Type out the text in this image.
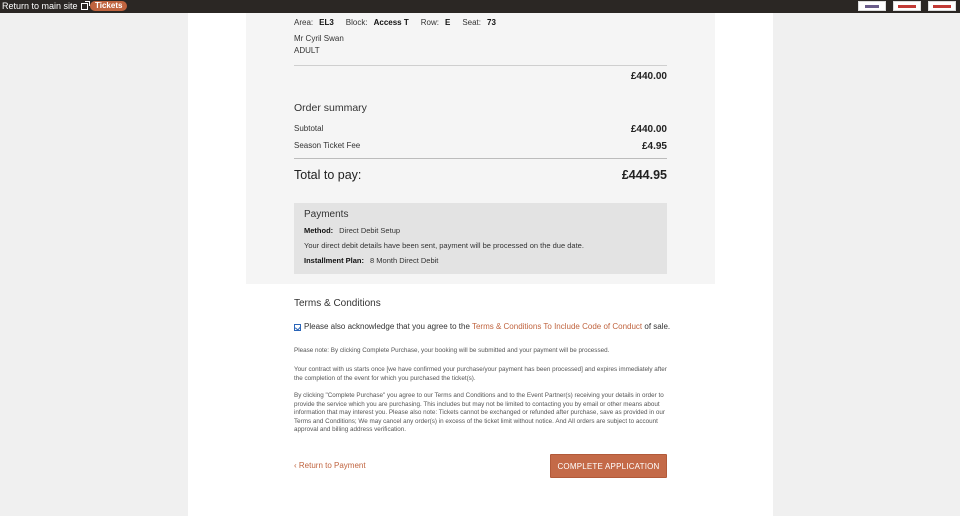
Return to main site	Tickets
Area: EL3 Block: Access T Row: E Seat: 73
Mr Cyril Swan
ADULT
£440.00
Order summary
Subtotal	£440.00
Season Ticket Fee	£4.95
Total to pay:	£444.95
Payments
Method: Direct Debit Setup
Your direct debit details have been sent, payment will be processed on the due date.
Installment Plan: 8 Month Direct Debit
Terms & Conditions
Please also acknowledge that you agree to the Terms & Conditions To Include Code of Conduct of sale.

Please note: By clicking Complete Purchase, your booking will be submitted and your payment will be processed.

Your contract with us starts once [we have confirmed your purchase/your payment has been processed] and expires immediately after the completion of the event for which you purchased the ticket(s).

By clicking "Complete Purchase" you agree to our Terms and Conditions and to the Event Partner(s) receiving your details in order to provide the service which you are purchasing. This includes but may not be limited to contacting you by email or other means about information that may interest you. Please also note: Tickets cannot be exchanged or refunded after purchase, save as provided in our Terms and Conditions; We may cancel any order(s) in excess of the ticket limit without notice. And All orders are subject to account approval and billing address verification.

‹ Return to Payment	COMPLETE APPLICATION
